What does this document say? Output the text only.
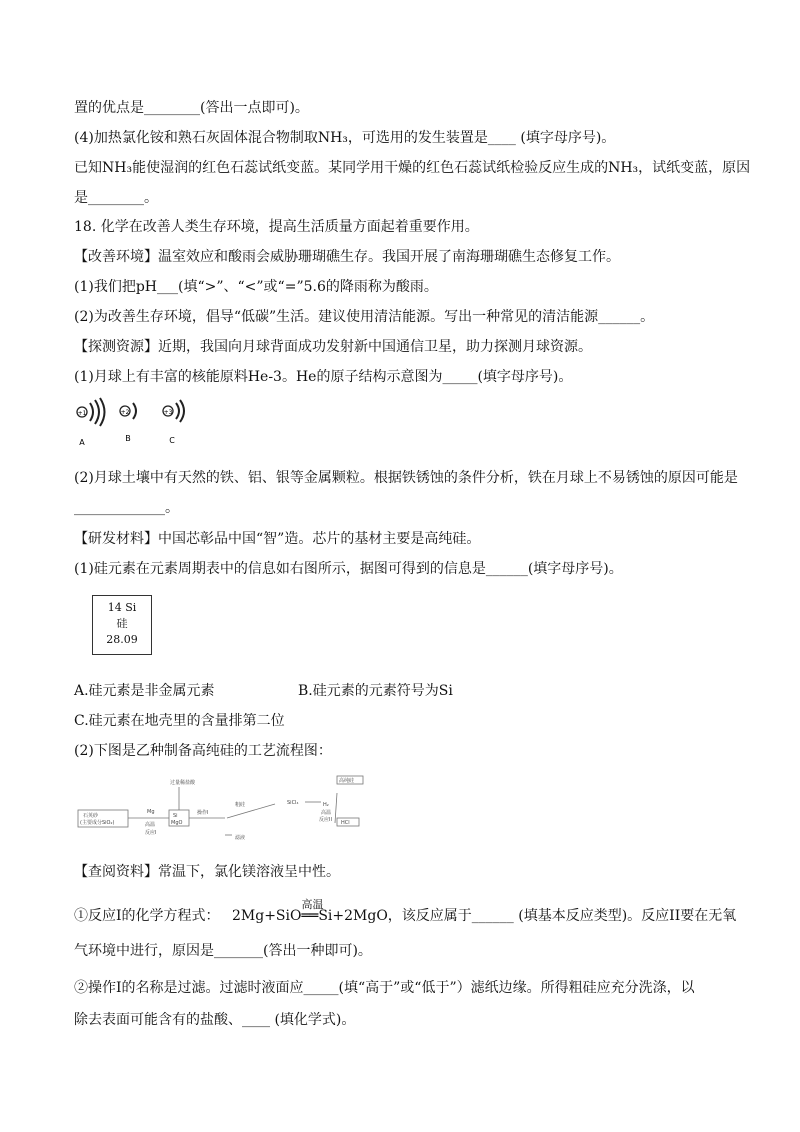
置的优点是________(答出一点即可)。
(4)加热氯化铵和熟石灰固体混合物制取NH₃，可选用的发生装置是____ (填字母序号)。
已知NH₃能使湿润的红色石蕊试纸变蓝。某同学用干燥的红色石蕊试纸检验反应生成的NH₃，试纸变蓝，原因
是________。
18. 化学在改善人类生存环境，提高生活质量方面起着重要作用。
【改善环境】温室效应和酸雨会威胁珊瑚礁生存。我国开展了南海珊瑚礁生态修复工作。
(1)我们把pH___(填“>”、“<”或“=”5.6的降雨称为酸雨。
(2)为改善生存环境，倡导“低碳”生活。建议使用清洁能源。写出一种常见的清洁能源______。
【探测资源】近期，我国向月球背面成功发射新中国通信卫星，助力探测月球资源。
(1)月球上有丰富的核能原料He-3。He的原子结构示意图为_____(填字母序号)。
+1
A
+2
B
+3
C
(2)月球土壤中有天然的铁、铝、银等金属颗粒。根据铁锈蚀的条件分析，铁在月球上不易锈蚀的原因可能是
_____________。
【研发材料】中国芯彰品中国“智”造。芯片的基材主要是高纯硅。
(1)硅元素在元素周期表中的信息如右图所示，据图可得到的信息是______(填字母序号)。
14 Si
硅
28.09
A.硅元素是非金属元素	B.硅元素的元素符号为Si
C.硅元素在地壳里的含量排第二位
(2)下图是乙种制备高纯硅的工艺流程图：
石英砂
(主要成分SiO₂)
Mg
高温
反应I
Si
MgO
过量稀盐酸
操作I
粗硅
滤液
SiCl₄	H₂
高温
反应II
高纯硅
HCl
【查阅资料】常温下，氯化镁溶液呈中性。
①反应I的化学方程式： 2Mg+SiO
高温
══Si+2MgO，该反应属于______ (填基本反应类型)。反应II要在无氧
气环境中进行，原因是_______(答出一种即可)。
②操作I的名称是过滤。过滤时液面应_____(填“高于”或“低于”）滤纸边缘。所得粗硅应充分洗涤，以
除去表面可能含有的盐酸、____ (填化学式)。
